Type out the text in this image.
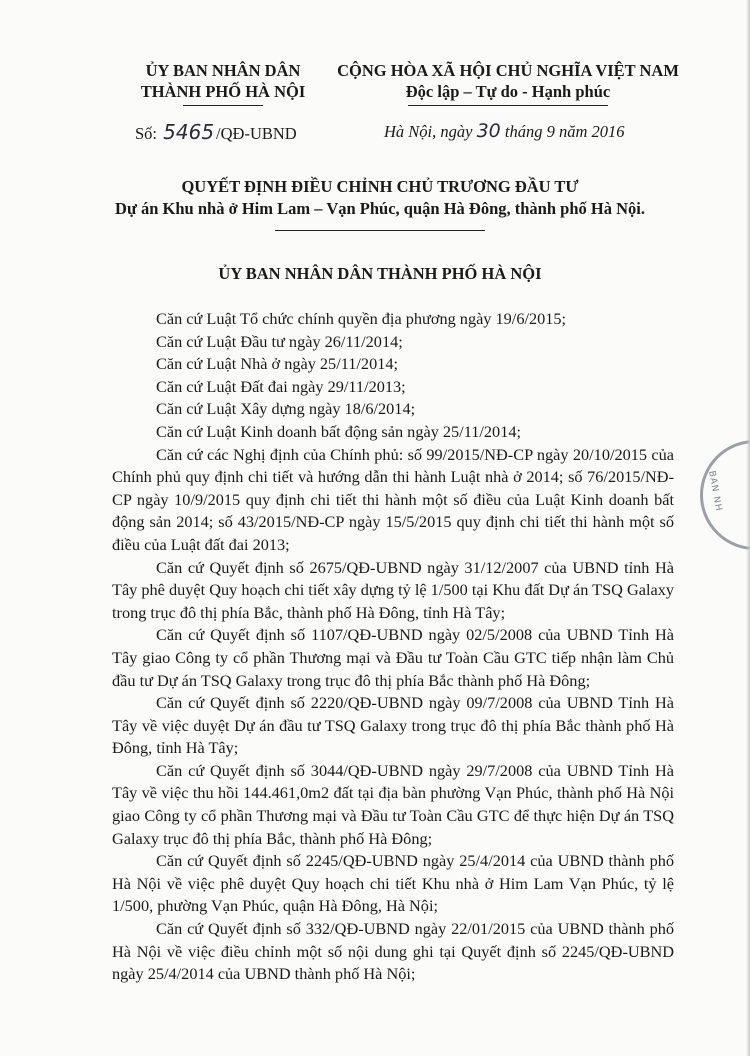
ỦY BAN NHÂN DÂN
THÀNH PHỐ HÀ NỘI
CỘNG HÒA XÃ HỘI CHỦ NGHĨA VIỆT NAM
Độc lập – Tự do - Hạnh phúc
Số: 5465 /QĐ-UBND	Hà Nội, ngày 30 tháng 9 năm 2016
QUYẾT ĐỊNH ĐIỀU CHỈNH CHỦ TRƯƠNG ĐẦU TƯ
Dự án Khu nhà ở Him Lam – Vạn Phúc, quận Hà Đông, thành phố Hà Nội.
ỦY BAN NHÂN DÂN THÀNH PHỐ HÀ NỘI

Căn cứ Luật Tổ chức chính quyền địa phương ngày 19/6/2015;

Căn cứ Luật Đầu tư ngày 26/11/2014;

Căn cứ Luật Nhà ở ngày 25/11/2014;

Căn cứ Luật Đất đai ngày 29/11/2013;

Căn cứ Luật Xây dựng ngày 18/6/2014;

Căn cứ Luật Kinh doanh bất động sản ngày 25/11/2014;

Căn cứ các Nghị định của Chính phủ: số 99/2015/NĐ-CP ngày 20/10/2015 của Chính phủ quy định chi tiết và hướng dẫn thi hành Luật nhà ở 2014; số 76/2015/NĐ-CP ngày 10/9/2015 quy định chi tiết thi hành một số điều của Luật Kinh doanh bất động sản 2014; số 43/2015/NĐ-CP ngày 15/5/2015 quy định chi tiết thi hành một số điều của Luật đất đai 2013;

Căn cứ Quyết định số 2675/QĐ-UBND ngày 31/12/2007 của UBND tỉnh Hà Tây phê duyệt Quy hoạch chi tiết xây dựng tỷ lệ 1/500 tại Khu đất Dự án TSQ Galaxy trong trục đô thị phía Bắc, thành phố Hà Đông, tỉnh Hà Tây;

Căn cứ Quyết định số 1107/QĐ-UBND ngày 02/5/2008 của UBND Tỉnh Hà Tây giao Công ty cổ phần Thương mại và Đầu tư Toàn Cầu GTC tiếp nhận làm Chủ đầu tư Dự án TSQ Galaxy trong trục đô thị phía Bắc thành phố Hà Đông;

Căn cứ Quyết định số 2220/QĐ-UBND ngày 09/7/2008 của UBND Tỉnh Hà Tây về việc duyệt Dự án đầu tư TSQ Galaxy trong trục đô thị phía Bắc thành phố Hà Đông, tỉnh Hà Tây;

Căn cứ Quyết định số 3044/QĐ-UBND ngày 29/7/2008 của UBND Tỉnh Hà Tây về việc thu hồi 144.461,0m2 đất tại địa bàn phường Vạn Phúc, thành phố Hà Nội giao Công ty cổ phần Thương mại và Đầu tư Toàn Cầu GTC để thực hiện Dự án TSQ Galaxy trục đô thị phía Bắc, thành phố Hà Đông;

Căn cứ Quyết định số 2245/QĐ-UBND ngày 25/4/2014 của UBND thành phố Hà Nội về việc phê duyệt Quy hoạch chi tiết Khu nhà ở Him Lam Vạn Phúc, tỷ lệ 1/500, phường Vạn Phúc, quận Hà Đông, Hà Nội;

Căn cứ Quyết định số 332/QĐ-UBND ngày 22/01/2015 của UBND thành phố Hà Nội về việc điều chỉnh một số nội dung ghi tại Quyết định số 2245/QĐ-UBND ngày 25/4/2014 của UBND thành phố Hà Nội;

BAN NH
